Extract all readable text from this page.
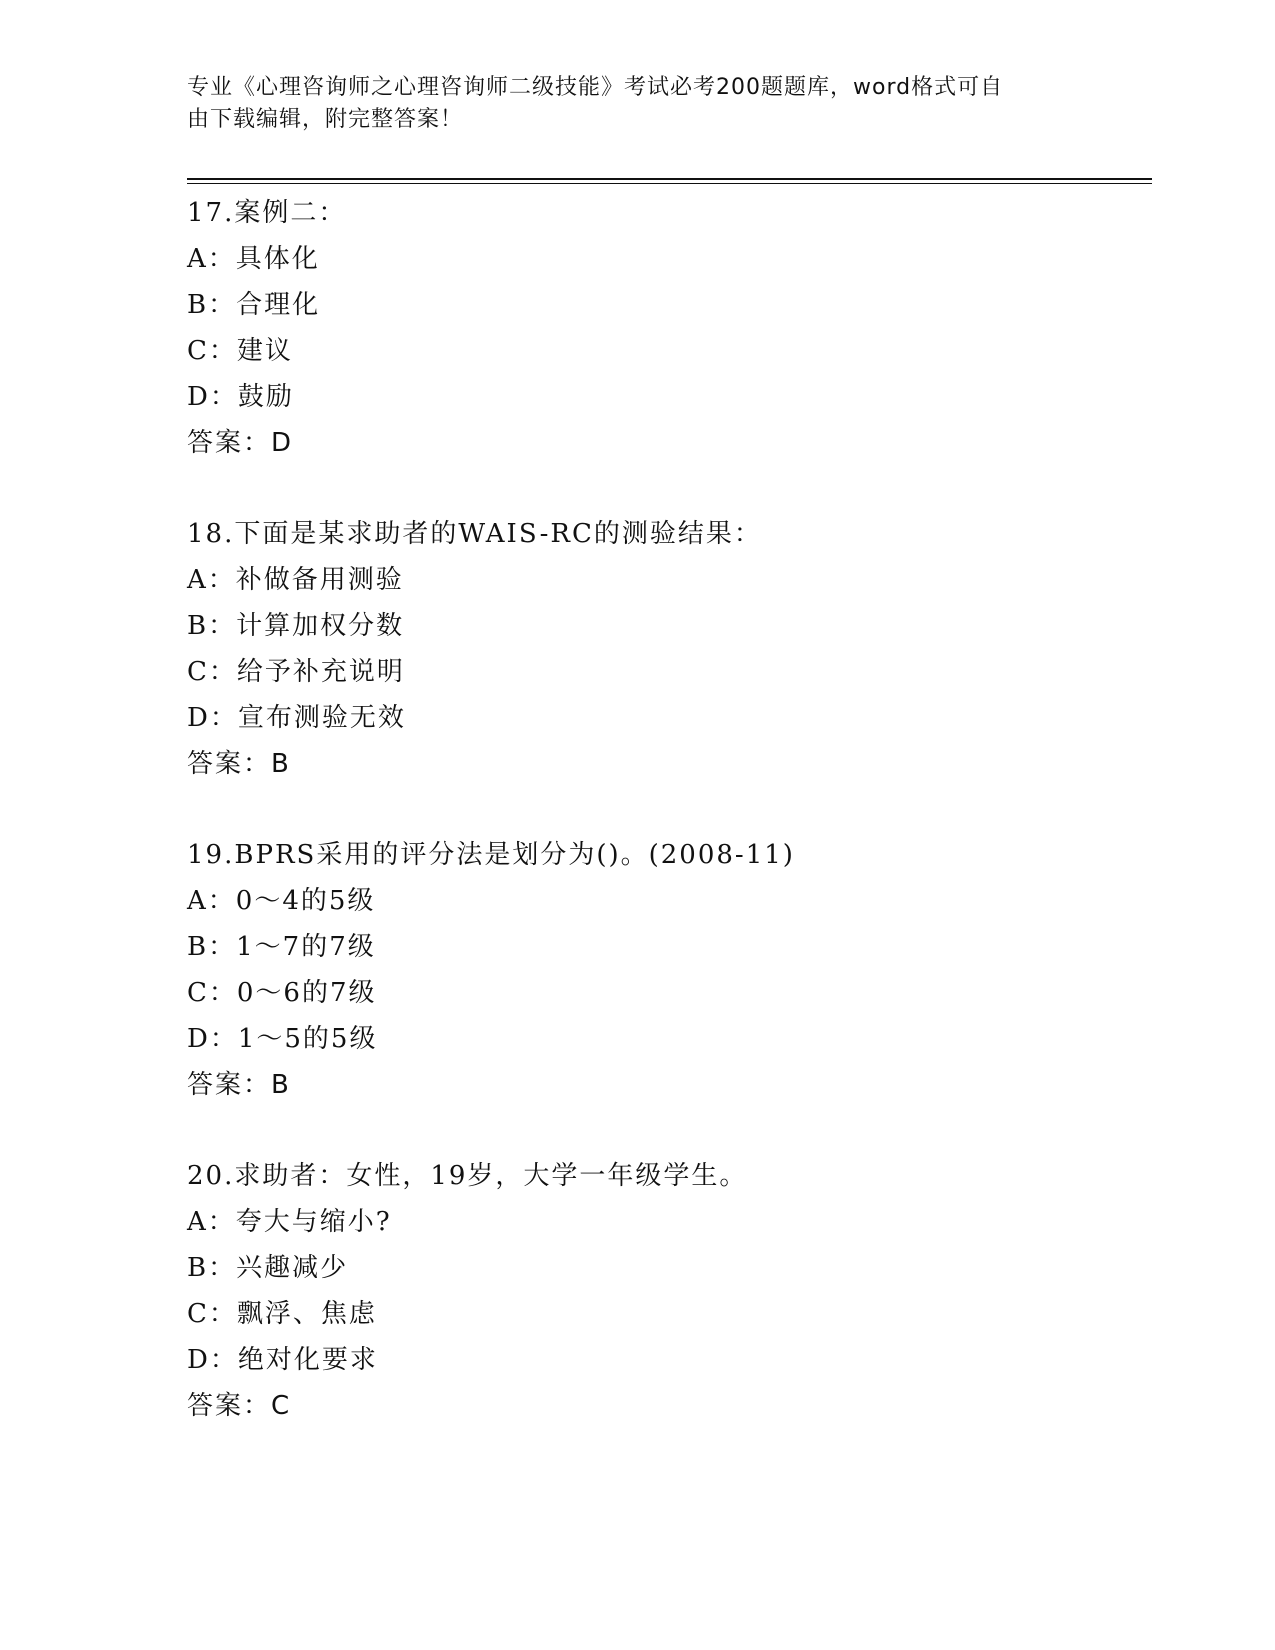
专业《心理咨询师之心理咨询师二级技能》考试必考200题题库，word格式可自
由下载编辑，附完整答案！
17.案例二：
A：具体化
B：合理化
C：建议
D：鼓励
答案：D
18.下面是某求助者的WAIS-RC的测验结果：
A：补做备用测验
B：计算加权分数
C：给予补充说明
D：宣布测验无效
答案：B
19.BPRS采用的评分法是划分为()。(2008-11)
A：0～4的5级
B：1～7的7级
C：0～6的7级
D：1～5的5级
答案：B
20.求助者：女性，19岁，大学一年级学生。
A：夸大与缩小?
B：兴趣减少
C：飘浮、焦虑
D：绝对化要求
答案：C
